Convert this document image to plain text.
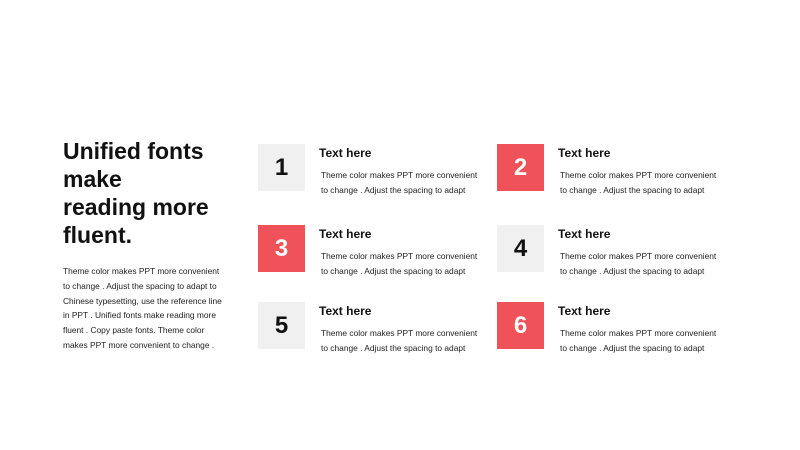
Unified fonts
make
reading more
fluent.

Theme color makes PPT more convenient
to change . Adjust the spacing to adapt to
Chinese typesetting, use the reference line
in PPT . Unified fonts make reading more
fluent . Copy paste fonts. Theme color
makes PPT more convenient to change .

1
Text here

Theme color makes PPT more convenient
to change . Adjust the spacing to adapt

2
Text here

Theme color makes PPT more convenient
to change . Adjust the spacing to adapt

3
Text here

Theme color makes PPT more convenient
to change . Adjust the spacing to adapt

4
Text here

Theme color makes PPT more convenient
to change . Adjust the spacing to adapt

5
Text here

Theme color makes PPT more convenient
to change . Adjust the spacing to adapt

6
Text here

Theme color makes PPT more convenient
to change . Adjust the spacing to adapt
